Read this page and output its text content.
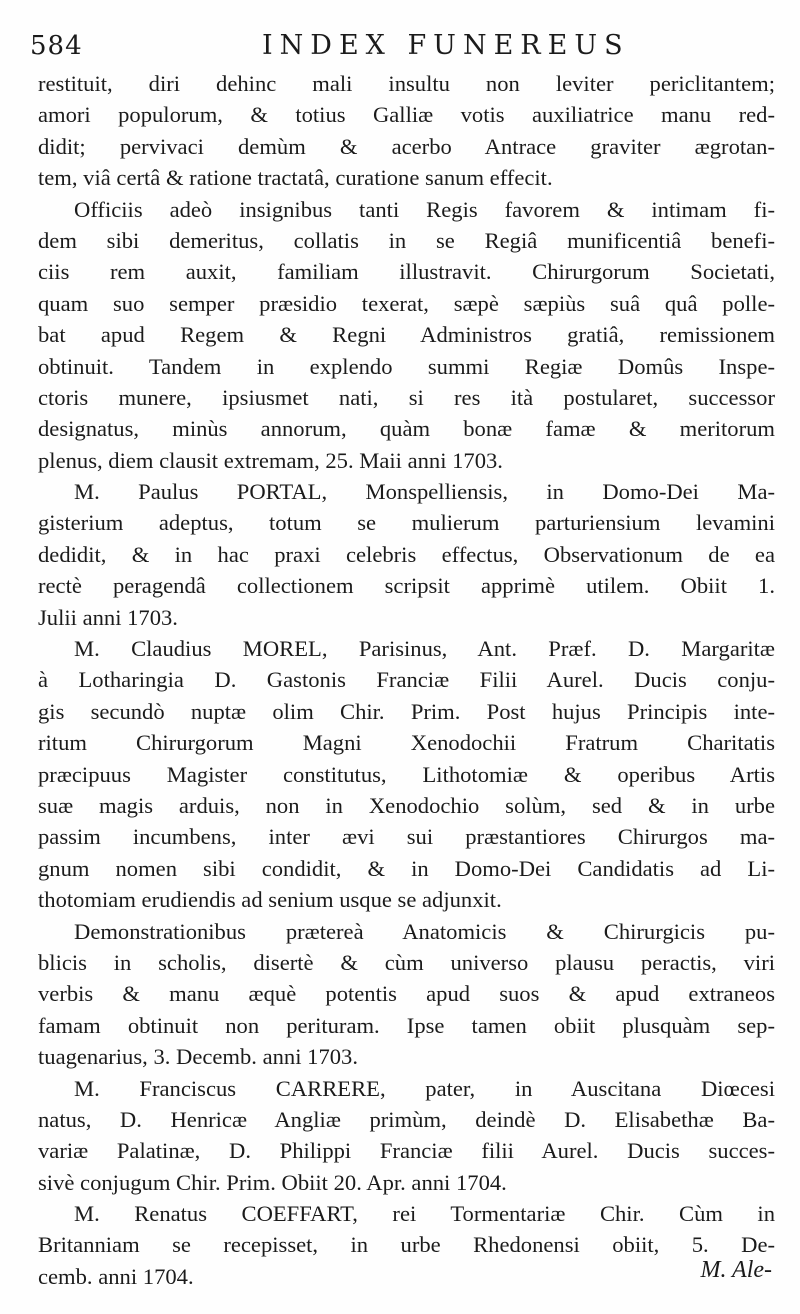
584	INDEX FUNEREUS
restituit, diri dehinc mali insultu non leviter periclitantem;
amori populorum, & totius Galliæ votis auxiliatrice manu red-
didit; pervivaci demùm & acerbo Antrace graviter ægrotan-
tem, viâ certâ & ratione tractatâ, curatione sanum effecit.
Officiis adeò insignibus tanti Regis favorem & intimam fi-
dem sibi demeritus, collatis in se Regiâ munificentiâ benefi-
ciis rem auxit, familiam illustravit. Chirurgorum Societati,
quam suo semper præsidio texerat, sæpè sæpiùs suâ quâ polle-
bat apud Regem & Regni Administros gratiâ, remissionem
obtinuit. Tandem in explendo summi Regiæ Domûs Inspe-
ctoris munere, ipsiusmet nati, si res ità postularet, successor
designatus, minùs annorum, quàm bonæ famæ & meritorum
plenus, diem clausit extremam, 25. Maii anni 1703.
M. Paulus PORTAL, Monspelliensis, in Domo-Dei Ma-
gisterium adeptus, totum se mulierum parturiensium levamini
dedidit, & in hac praxi celebris effectus, Observationum de ea
rectè peragendâ collectionem scripsit apprimè utilem. Obiit 1.
Julii anni 1703.
M. Claudius MOREL, Parisinus, Ant. Præf. D. Margaritæ
à Lotharingia D. Gastonis Franciæ Filii Aurel. Ducis conju-
gis secundò nuptæ olim Chir. Prim. Post hujus Principis inte-
ritum Chirurgorum Magni Xenodochii Fratrum Charitatis
præcipuus Magister constitutus, Lithotomiæ & operibus Artis
suæ magis arduis, non in Xenodochio solùm, sed & in urbe
passim incumbens, inter ævi sui præstantiores Chirurgos ma-
gnum nomen sibi condidit, & in Domo-Dei Candidatis ad Li-
thotomiam erudiendis ad senium usque se adjunxit.
Demonstrationibus prætereà Anatomicis & Chirurgicis pu-
blicis in scholis, disertè & cùm universo plausu peractis, viri
verbis & manu æquè potentis apud suos & apud extraneos
famam obtinuit non perituram. Ipse tamen obiit plusquàm sep-
tuagenarius, 3. Decemb. anni 1703.
M. Franciscus CARRERE, pater, in Auscitana Diœcesi
natus, D. Henricæ Angliæ primùm, deindè D. Elisabethæ Ba-
variæ Palatinæ, D. Philippi Franciæ filii Aurel. Ducis succes-
sivè conjugum Chir. Prim. Obiit 20. Apr. anni 1704.
M. Renatus COEFFART, rei Tormentariæ Chir. Cùm in
Britanniam se recepisset, in urbe Rhedonensi obiit, 5. De-
cemb. anni 1704.	M. Ale-
